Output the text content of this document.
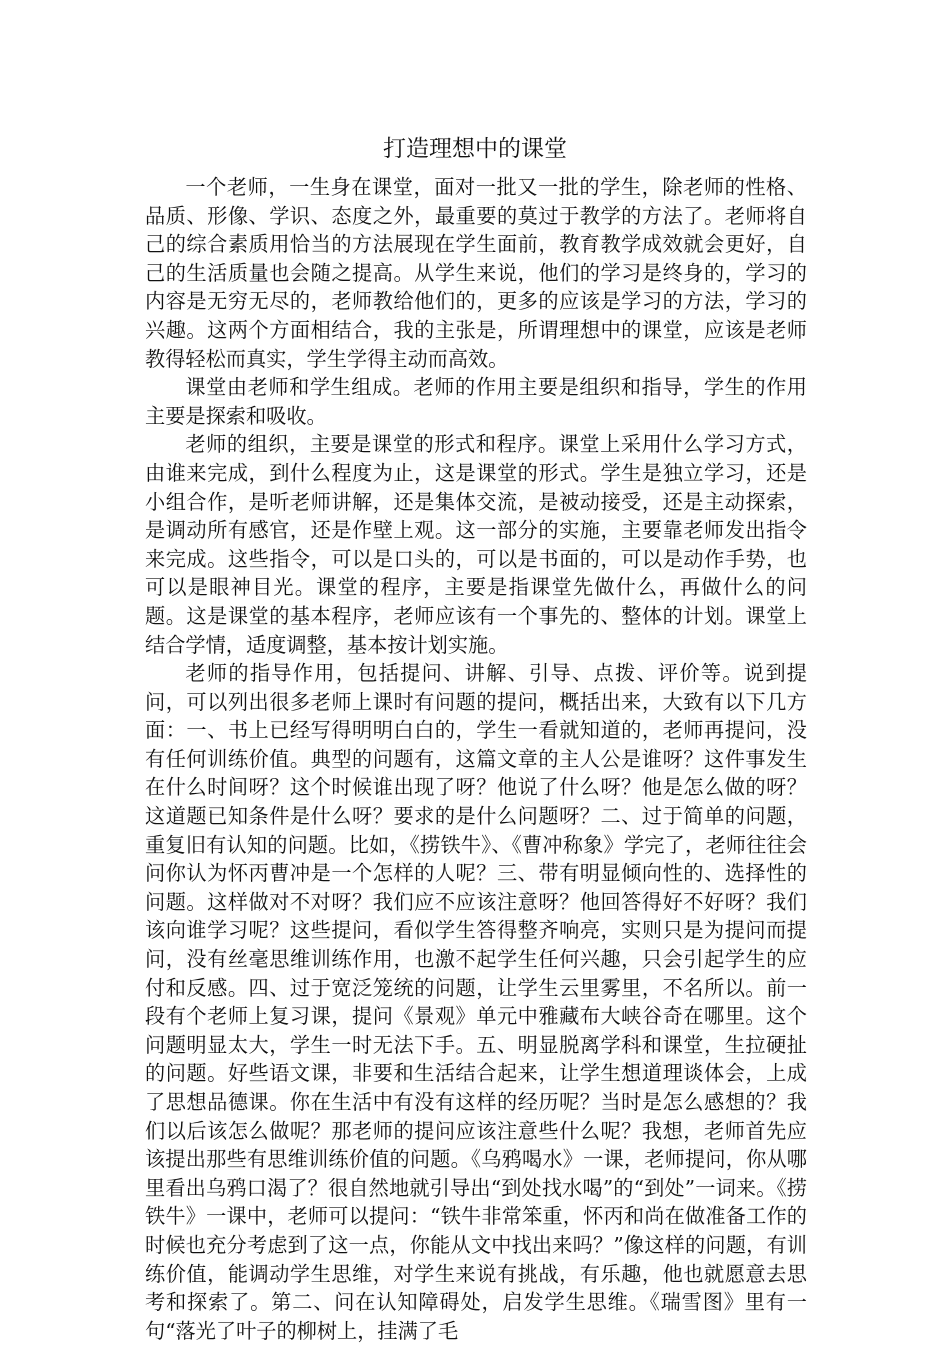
打造理想中的课堂

一个老师，一生身在课堂，面对一批又一批的学生，除老师的性格、品质、形像、学识、态度之外，最重要的莫过于教学的方法了。老师将自己的综合素质用恰当的方法展现在学生面前，教育教学成效就会更好，自己的生活质量也会随之提高。从学生来说，他们的学习是终身的，学习的内容是无穷无尽的，老师教给他们的，更多的应该是学习的方法，学习的兴趣。这两个方面相结合，我的主张是，所谓理想中的课堂，应该是老师教得轻松而真实，学生学得主动而高效。

课堂由老师和学生组成。老师的作用主要是组织和指导，学生的作用主要是探索和吸收。

老师的组织，主要是课堂的形式和程序。课堂上采用什么学习方式，由谁来完成，到什么程度为止，这是课堂的形式。学生是独立学习，还是小组合作，是听老师讲解，还是集体交流，是被动接受，还是主动探索，是调动所有感官，还是作壁上观。这一部分的实施，主要靠老师发出指令来完成。这些指令，可以是口头的，可以是书面的，可以是动作手势，也可以是眼神目光。课堂的程序，主要是指课堂先做什么，再做什么的问题。这是课堂的基本程序，老师应该有一个事先的、整体的计划。课堂上结合学情，适度调整，基本按计划实施。

老师的指导作用，包括提问、讲解、引导、点拨、评价等。说到提问，可以列出很多老师上课时有问题的提问，概括出来，大致有以下几方面：一、书上已经写得明明白白的，学生一看就知道的，老师再提问，没有任何训练价值。典型的问题有，这篇文章的主人公是谁呀？这件事发生在什么时间呀？这个时候谁出现了呀？他说了什么呀？他是怎么做的呀？这道题已知条件是什么呀？要求的是什么问题呀？二、过于简单的问题，重复旧有认知的问题。比如，《捞铁牛》、《曹冲称象》学完了，老师往往会问你认为怀丙曹冲是一个怎样的人呢？三、带有明显倾向性的、选择性的问题。这样做对不对呀？我们应不应该注意呀？他回答得好不好呀？我们该向谁学习呢？这些提问，看似学生答得整齐响亮，实则只是为提问而提问，没有丝毫思维训练作用，也激不起学生任何兴趣，只会引起学生的应付和反感。四、过于宽泛笼统的问题，让学生云里雾里，不名所以。前一段有个老师上复习课，提问《景观》单元中雅藏布大峡谷奇在哪里。这个问题明显太大，学生一时无法下手。五、明显脱离学科和课堂，生拉硬扯的问题。好些语文课，非要和生活结合起来，让学生想道理谈体会，上成了思想品德课。你在生活中有没有这样的经历呢？当时是怎么感想的？我们以后该怎么做呢？那老师的提问应该注意些什么呢？我想，老师首先应该提出那些有思维训练价值的问题。《乌鸦喝水》一课，老师提问，你从哪里看出乌鸦口渴了？很自然地就引导出“到处找水喝”的“到处”一词来。《捞铁牛》一课中，老师可以提问：“铁牛非常笨重，怀丙和尚在做准备工作的时候也充分考虑到了这一点，你能从文中找出来吗？”像这样的问题，有训练价值，能调动学生思维，对学生来说有挑战，有乐趣，他也就愿意去思考和探索了。第二、问在认知障碍处，启发学生思维。《瑞雪图》里有一句“落光了叶子的柳树上，挂满了毛
